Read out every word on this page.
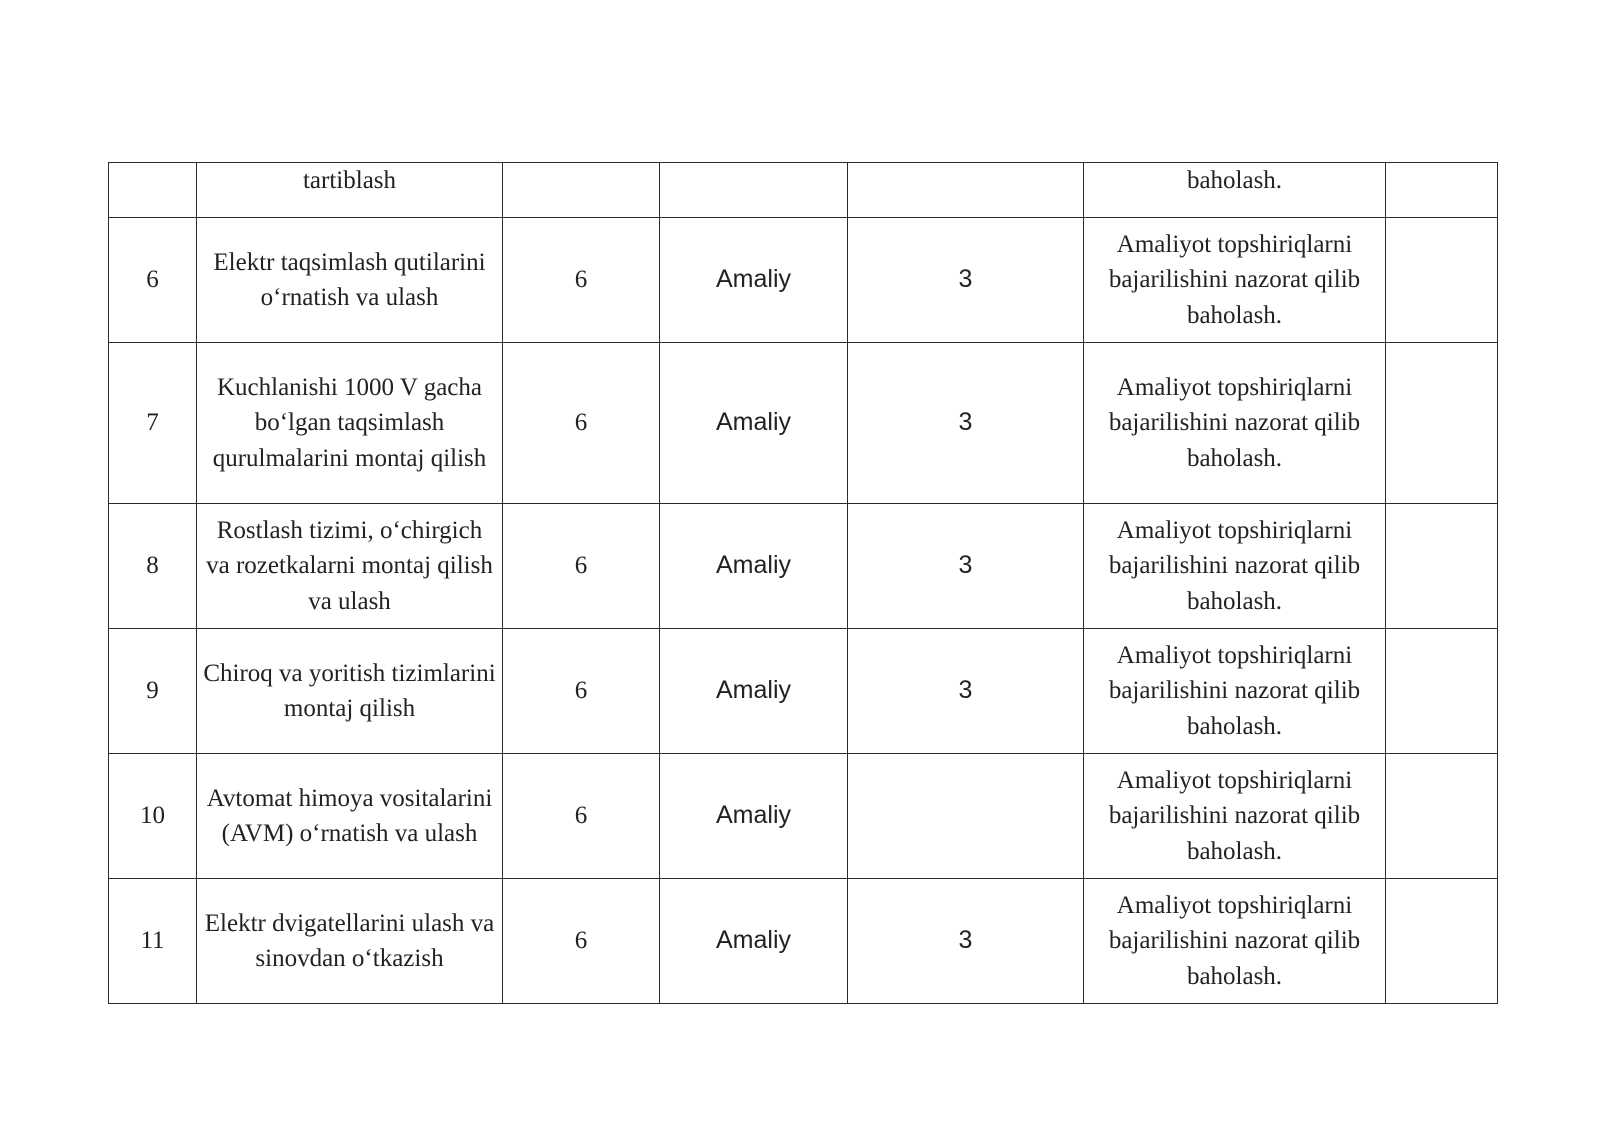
	tartiblash				baholash.	
6	Elektr taqsimlash qutilarini o‘rnatish va ulash	6	Amaliy	3	Amaliyot topshiriqlarni bajarilishini nazorat qilib baholash.	
7	Kuchlanishi 1000 V gacha bo‘lgan taqsimlash qurulmalarini montaj qilish	6	Amaliy	3	Amaliyot topshiriqlarni bajarilishini nazorat qilib baholash.	
8	Rostlash tizimi, o‘chirgich va rozetkalarni montaj qilish va ulash	6	Amaliy	3	Amaliyot topshiriqlarni bajarilishini nazorat qilib baholash.	
9	Chiroq va yoritish tizimlarini montaj qilish	6	Amaliy	3	Amaliyot topshiriqlarni bajarilishini nazorat qilib baholash.	
10	Avtomat himoya vositalarini (AVM) o‘rnatish va ulash	6	Amaliy		Amaliyot topshiriqlarni bajarilishini nazorat qilib baholash.	
11	Elektr dvigatellarini ulash va sinovdan o‘tkazish	6	Amaliy	3	Amaliyot topshiriqlarni bajarilishini nazorat qilib baholash.	
